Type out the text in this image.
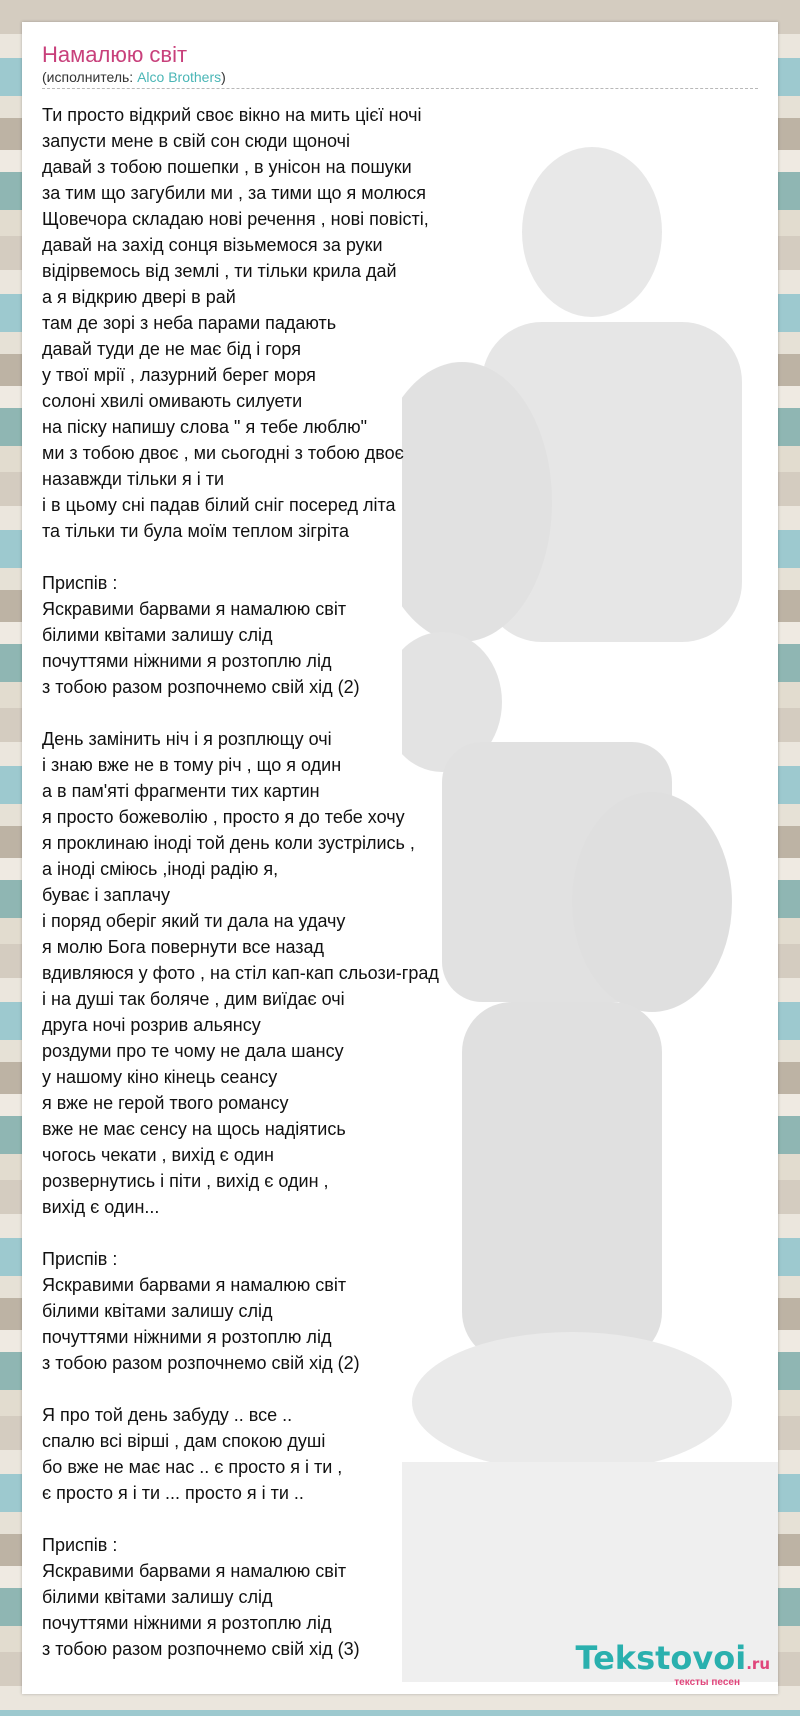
Намалюю світ
(исполнитель: Alco Brothers)
Ти просто відкрий своє вікно на мить цієї ночі
запусти мене в свій сон сюди щоночі
давай з тобою пошепки , в унісон на пошуки
за тим що загубили ми , за тими що я молюся
Щовечора складаю нові речення , нові повісті,
давай на захід сонця візьмемося за руки
відірвемось від землі , ти тільки крила дай
а я відкрию двері в рай
там де зорі з неба парами падають
давай туди де не має бід і горя
у твої мрії , лазурний берег моря
солоні хвилі омивають силуети
на піску напишу слова " я тебе люблю"
ми з тобою двоє , ми сьогодні з тобою двоє
назавжди тільки я і ти
і в цьому сні падав білий сніг посеред літа
та тільки ти була моїм теплом зігріта

Приспів :
Яскравими барвами я намалюю світ
білими квітами залишу слід
почуттями ніжними я розтоплю лід
з тобою разом розпочнемо свій хід (2)

День замінить ніч і я розплющу очі
і знаю вже не в тому річ , що я один
а в пам'яті фрагменти тих картин
я просто божеволію , просто я до тебе хочу
я проклинаю іноді той день коли зустрілись ,
а іноді сміюсь ,іноді радію я,
буває і заплачу
і поряд оберіг який ти дала на удачу
я молю Бога повернути все назад
вдивляюся у фото , на стіл кап-кап сльози-град
і на душі так боляче , дим виїдає очі
друга ночі розрив альянсу
роздуми про те чому не дала шансу
у нашому кіно кінець сеансу
я вже не герой твого романсу
вже не має сенсу на щось надіятись
чогось чекати , вихід є один
розвернутись і піти , вихід є один ,
вихід є один...

Приспів :
Яскравими барвами я намалюю світ
білими квітами залишу слід
почуттями ніжними я розтоплю лід
з тобою разом розпочнемо свій хід (2)

Я про той день забуду .. все ..
спалю всі вірші , дам спокою душі
бо вже не має нас .. є просто я і ти ,
є просто я і ти ... просто я і ти ..

Приспів :
Яскравими барвами я намалюю світ
білими квітами залишу слід
почуттями ніжними я розтоплю лід
з тобою разом розпочнемо свій хід (3)	Tekstovoi.ru
тексты песен
